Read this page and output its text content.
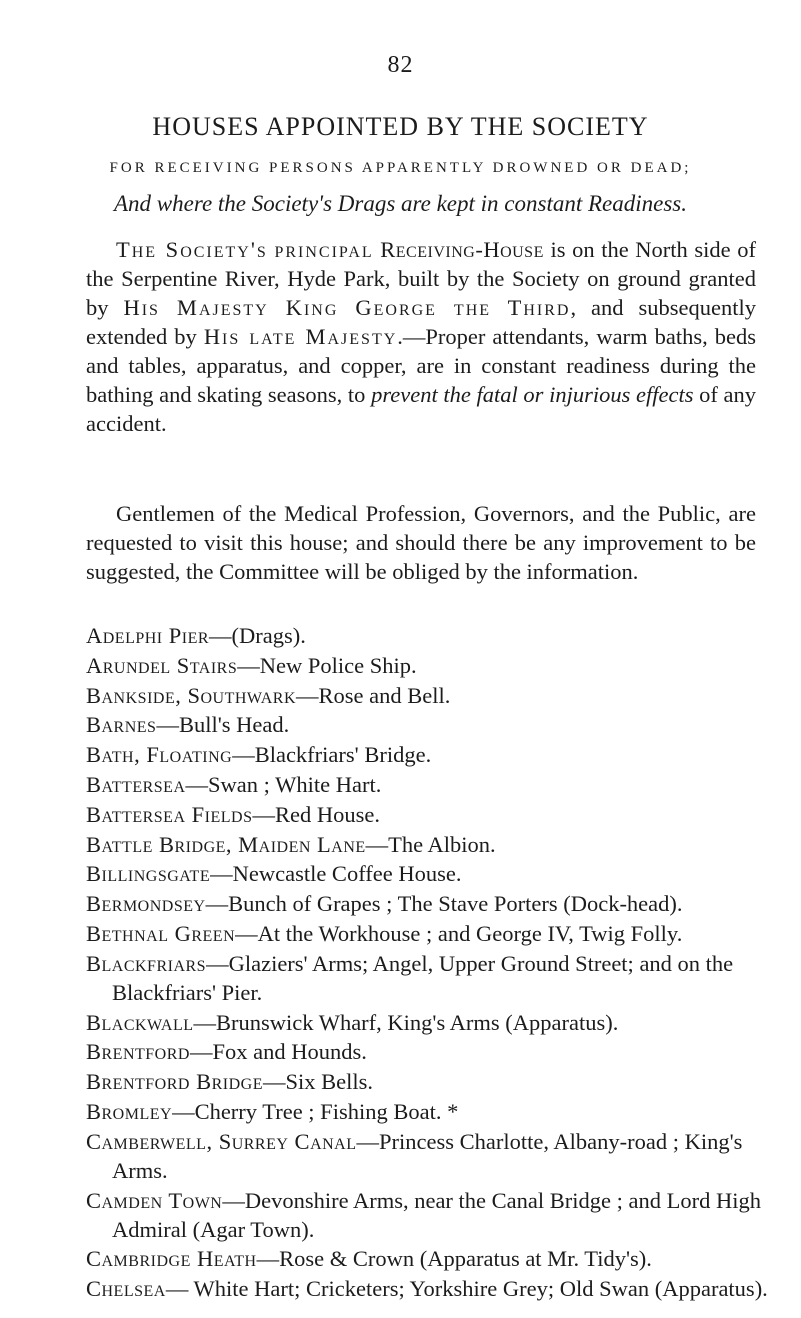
82
HOUSES APPOINTED BY THE SOCIETY
FOR RECEIVING PERSONS APPARENTLY DROWNED OR DEAD;
And where the Society's Drags are kept in constant Readiness.
The Society's principal Receiving-House is on the North side of the Serpentine River, Hyde Park, built by the Society on ground granted by His Majesty King George the Third, and subsequently extended by His late Majesty.—Proper attendants, warm baths, beds and tables, apparatus, and copper, are in constant readiness during the bathing and skating seasons, to prevent the fatal or injurious effects of any accident.
Gentlemen of the Medical Profession, Governors, and the Public, are requested to visit this house; and should there be any improvement to be suggested, the Committee will be obliged by the information.
Adelphi Pier—(Drags).
Arundel Stairs—New Police Ship.
Bankside, Southwark—Rose and Bell.
Barnes—Bull's Head.
Bath, Floating—Blackfriars' Bridge.
Battersea—Swan ; White Hart.
Battersea Fields—Red House.
Battle Bridge, Maiden Lane—The Albion.
Billingsgate—Newcastle Coffee House.
Bermondsey—Bunch of Grapes ; The Stave Porters (Dock-head).
Bethnal Green—At the Workhouse ; and George IV, Twig Folly.
Blackfriars—Glaziers' Arms; Angel, Upper Ground Street; and on the Blackfriars' Pier.
Blackwall—Brunswick Wharf, King's Arms (Apparatus).
Brentford—Fox and Hounds.
Brentford Bridge—Six Bells.
Bromley—Cherry Tree ; Fishing Boat. *
Camberwell, Surrey Canal—Princess Charlotte, Albany-road ; King's Arms.
Camden Town—Devonshire Arms, near the Canal Bridge ; and Lord High Admiral (Agar Town).
Cambridge Heath—Rose & Crown (Apparatus at Mr. Tidy's).
Chelsea— White Hart; Cricketers; Yorkshire Grey; Old Swan (Apparatus).
